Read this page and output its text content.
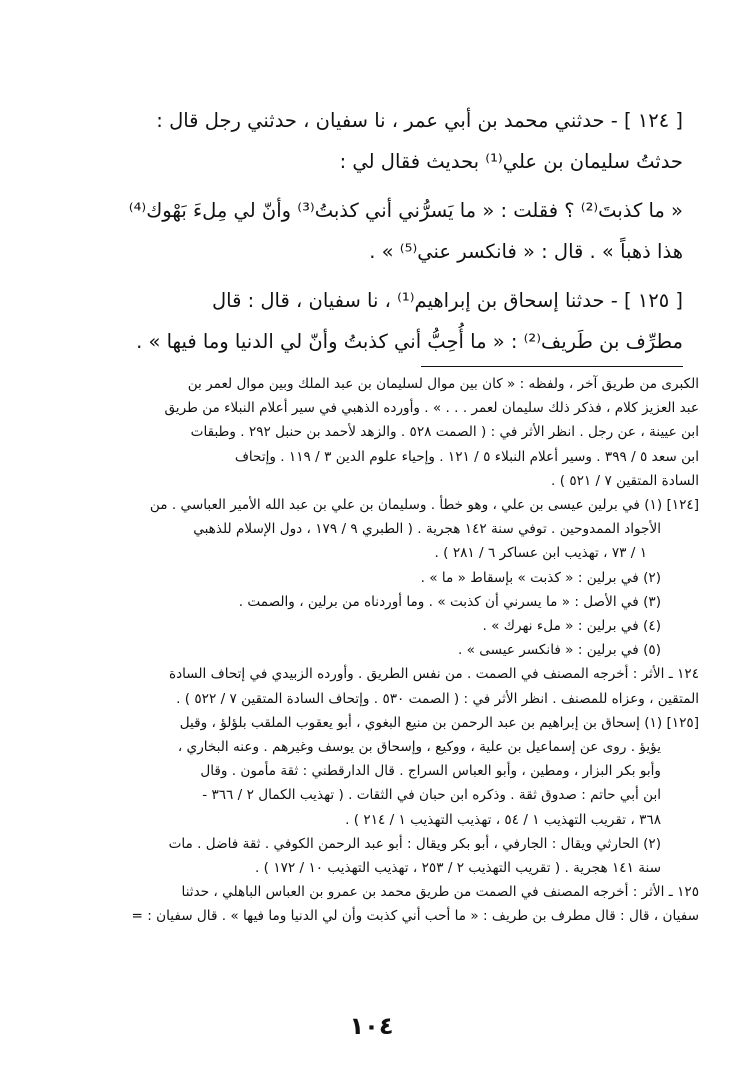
[ ١٢٤ ] - حدثني محمد بن أبي عمر ، نا سفيان ، حدثني رجل قال :

حدثتُ سليمان بن علي⁽¹⁾ بحديث فقال لي :

« ما كذبتَ⁽²⁾ ؟ فقلت : « ما يَسرُّني أني كذبتُ⁽³⁾ وأنّ لي مِلءَ بَهْوك⁽⁴⁾

هذا ذهباً » . قال : « فانكسر عني⁽⁵⁾ » .

[ ١٢٥ ] - حدثنا إسحاق بن إبراهيم⁽¹⁾ ، نا سفيان ، قال : قال

مطرِّف بن طَريف⁽²⁾ : « ما أُحِبُّ أني كذبتُ وأنّ لي الدنيا وما فيها » .

الكبرى من طريق آخر ، ولفظه : « كان بين موال لسليمان بن عبد الملك وبين موال لعمر بن

عبد العزيز كلام ، فذكر ذلك سليمان لعمر . . . » . وأورده الذهبي في سير أعلام النبلاء من طريق

ابن عيينة ، عن رجل . انظر الأثر في : ( الصمت ٥٢٨ . والزهد لأحمد بن حنبل ٢٩٢ . وطبقات

ابن سعد ٥ / ٣٩٩ . وسير أعلام النبلاء ٥ / ١٢١ . وإحياء علوم الدين ٣ / ١١٩ . وإتحاف

السادة المتقين ٧ / ٥٢١ ) .

[١٢٤] (١) في برلين عيسى بن علي ، وهو خطأ . وسليمان بن علي بن عبد الله الأمير العباسي . من

الأجواد الممدوحين . توفي سنة ١٤٢ هجرية . ( الطبري ٩ / ١٧٩ ، دول الإسلام للذهبي

١ / ٧٣ ، تهذيب ابن عساكر ٦ / ٢٨١ ) .

(٢) في برلين : « كذبت » بإسقاط « ما » .

(٣) في الأصل : « ما يسرني أن كذبت » . وما أوردناه من برلين ، والصمت .

(٤) في برلين : « ملء نهرك » .

(٥) في برلين : « فانكسر عيسى » .

١٢٤ ـ الأثر : أخرجه المصنف في الصمت . من نفس الطريق . وأورده الزبيدي في إتحاف السادة

المتقين ، وعزاه للمصنف . انظر الأثر في : ( الصمت ٥٣٠ . وإتحاف السادة المتقين ٧ / ٥٢٢ ) .

[١٢٥] (١) إسحاق بن إبراهيم بن عبد الرحمن بن منيع البغوي ، أبو يعقوب الملقب بلؤلؤ ، وقيل

يؤيؤ . روى عن إسماعيل بن علية ، ووكيع ، وإسحاق بن يوسف وغيرهم . وعنه البخاري ،

وأبو بكر البزار ، ومطين ، وأبو العباس السراج . قال الدارقطني : ثقة مأمون . وقال

ابن أبي حاتم : صدوق ثقة . وذكره ابن حبان في الثقات . ( تهذيب الكمال ٢ / ٣٦٦ -

٣٦٨ ، تقريب التهذيب ١ / ٥٤ ، تهذيب التهذيب ١ / ٢١٤ ) .

(٢) الحارثي ويقال : الجارفي ، أبو بكر ويقال : أبو عبد الرحمن الكوفي . ثقة فاضل . مات

سنة ١٤١ هجرية . ( تقريب التهذيب ٢ / ٢٥٣ ، تهذيب التهذيب ١٠ / ١٧٢ ) .

١٢٥ ـ الأثر : أخرجه المصنف في الصمت من طريق محمد بن عمرو بن العباس الباهلي ، حدثنا

سفيان ، قال : قال مطرف بن طريف : « ما أحب أني كذبت وأن لي الدنيا وما فيها » . قال سفيان : =

١٠٤
